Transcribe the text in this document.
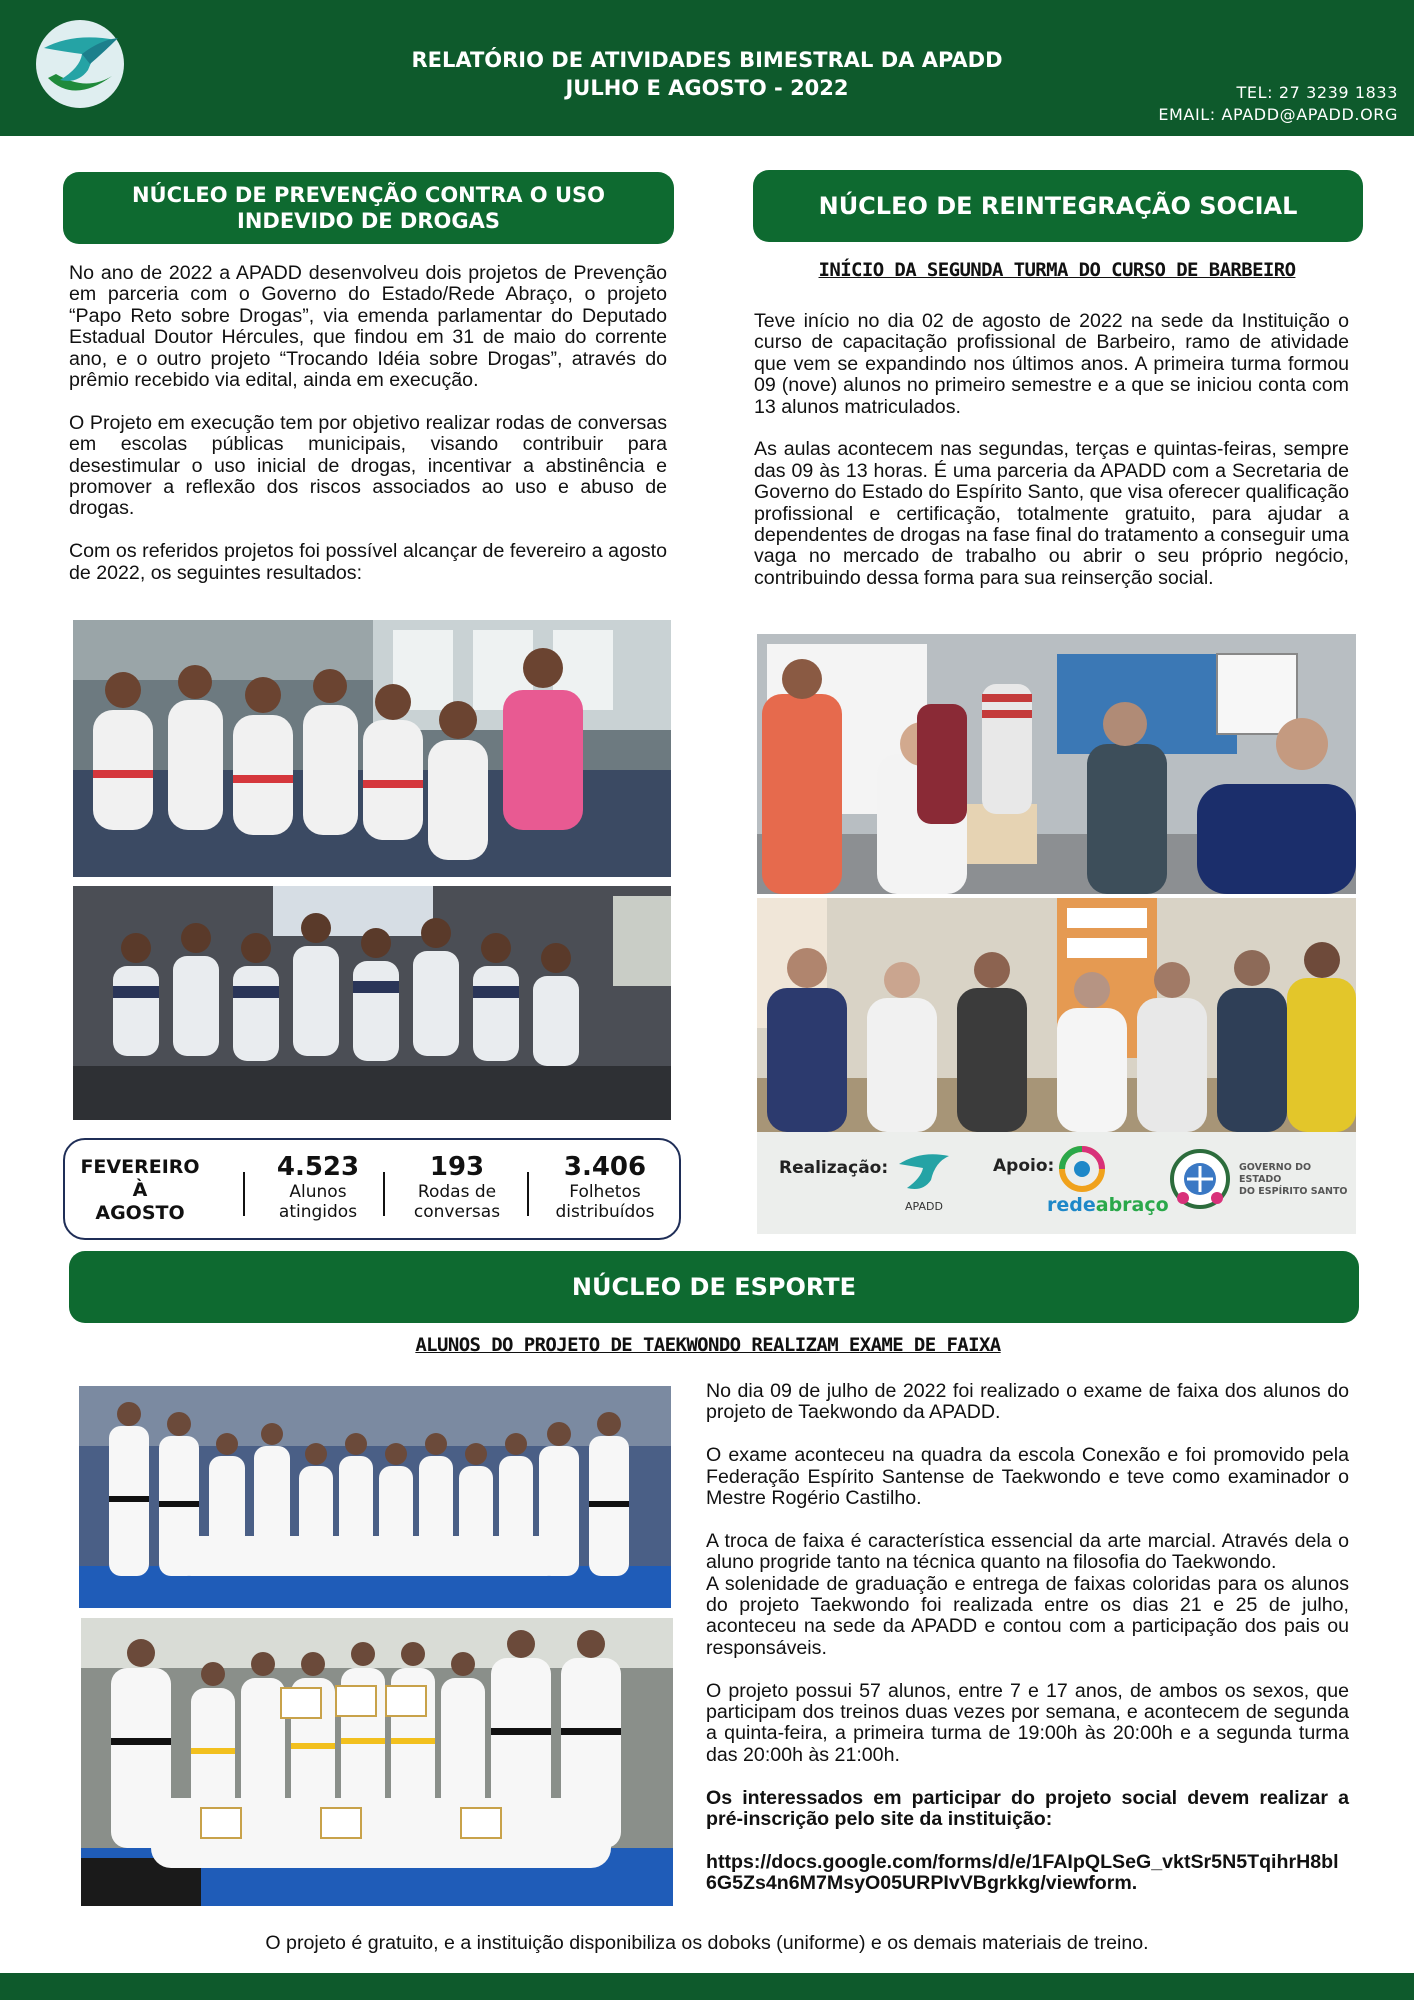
RELATÓRIO DE ATIVIDADES BIMESTRAL DA APADD
JULHO E AGOSTO - 2022	TEL: 27 3239 1833
EMAIL: APADD@APADD.ORG
NÚCLEO DE PREVENÇÃO CONTRA O USO
INDEVIDO DE DROGAS

No ano de 2022 a APADD desenvolveu dois projetos de Prevenção em parceria com o Governo do Estado/Rede Abraço, o projeto “Papo Reto sobre Drogas”, via emenda parlamentar do Deputado Estadual Doutor Hércules, que findou em 31 de maio do corrente ano, e o outro projeto “Trocando Idéia sobre Drogas”, através do prêmio recebido via edital, ainda em execução.

O Projeto em execução tem por objetivo realizar rodas de conversas em escolas públicas municipais, visando contribuir para desestimular o uso inicial de drogas, incentivar a abstinência e promover a reflexão dos riscos associados ao uso e abuso de drogas.

Com os referidos projetos foi possível alcançar de fevereiro a agosto de 2022, os seguintes resultados:

FEVEREIRO
À
AGOSTO
4.523
Alunos
atingidos
193
Rodas de
conversas
3.406
Folhetos
distribuídos
NÚCLEO DE REINTEGRAÇÃO SOCIAL
INÍCIO DA SEGUNDA TURMA DO CURSO DE BARBEIRO

Teve início no dia 02 de agosto de 2022 na sede da Instituição o curso de capacitação profissional de Barbeiro, ramo de atividade que vem se expandindo nos últimos anos. A primeira turma formou 09 (nove) alunos no primeiro semestre e a que se iniciou conta com 13 alunos matriculados.

As aulas acontecem nas segundas, terças e quintas-feiras, sempre das 09 às 13 horas. É uma parceria da APADD com a Secretaria de Governo do Estado do Espírito Santo, que visa oferecer qualificação profissional e certificação, totalmente gratuito, para ajudar a dependentes de drogas na fase final do tratamento a conseguir uma vaga no mercado de trabalho ou abrir o seu próprio negócio, contribuindo dessa forma para sua reinserção social.

Realização:
APADD
Apoio:
redeabraço
GOVERNO DO ESTADO
DO ESPÍRITO SANTO
NÚCLEO DE ESPORTE
ALUNOS DO PROJETO DE TAEKWONDO REALIZAM EXAME DE FAIXA

No dia 09 de julho de 2022 foi realizado o exame de faixa dos alunos do projeto de Taekwondo da APADD.

O exame aconteceu na quadra da escola Conexão e foi promovido pela Federação Espírito Santense de Taekwondo e teve como examinador o Mestre Rogério Castilho.

A troca de faixa é característica essencial da arte marcial. Através dela o aluno progride tanto na técnica quanto na filosofia do Taekwondo.

A solenidade de graduação e entrega de faixas coloridas para os alunos do projeto Taekwondo foi realizada entre os dias 21 e 25 de julho, aconteceu na sede da APADD e contou com a participação dos pais ou responsáveis.

O projeto possui 57 alunos, entre 7 e 17 anos, de ambos os sexos, que participam dos treinos duas vezes por semana, e acontecem de segunda a quinta-feira, a primeira turma de 19:00h às 20:00h e a segunda turma das 20:00h às 21:00h.

Os interessados em participar do projeto social devem realizar a pré-inscrição pelo site da instituição:

https://docs.google.com/forms/d/e/1FAIpQLSeG_vktSr5N5TqihrH8bl6G5Zs4n6M7MsyO05URPIvVBgrkkg/viewform.

O projeto é gratuito, e a instituição disponibiliza os doboks (uniforme) e os demais materiais de treino.
